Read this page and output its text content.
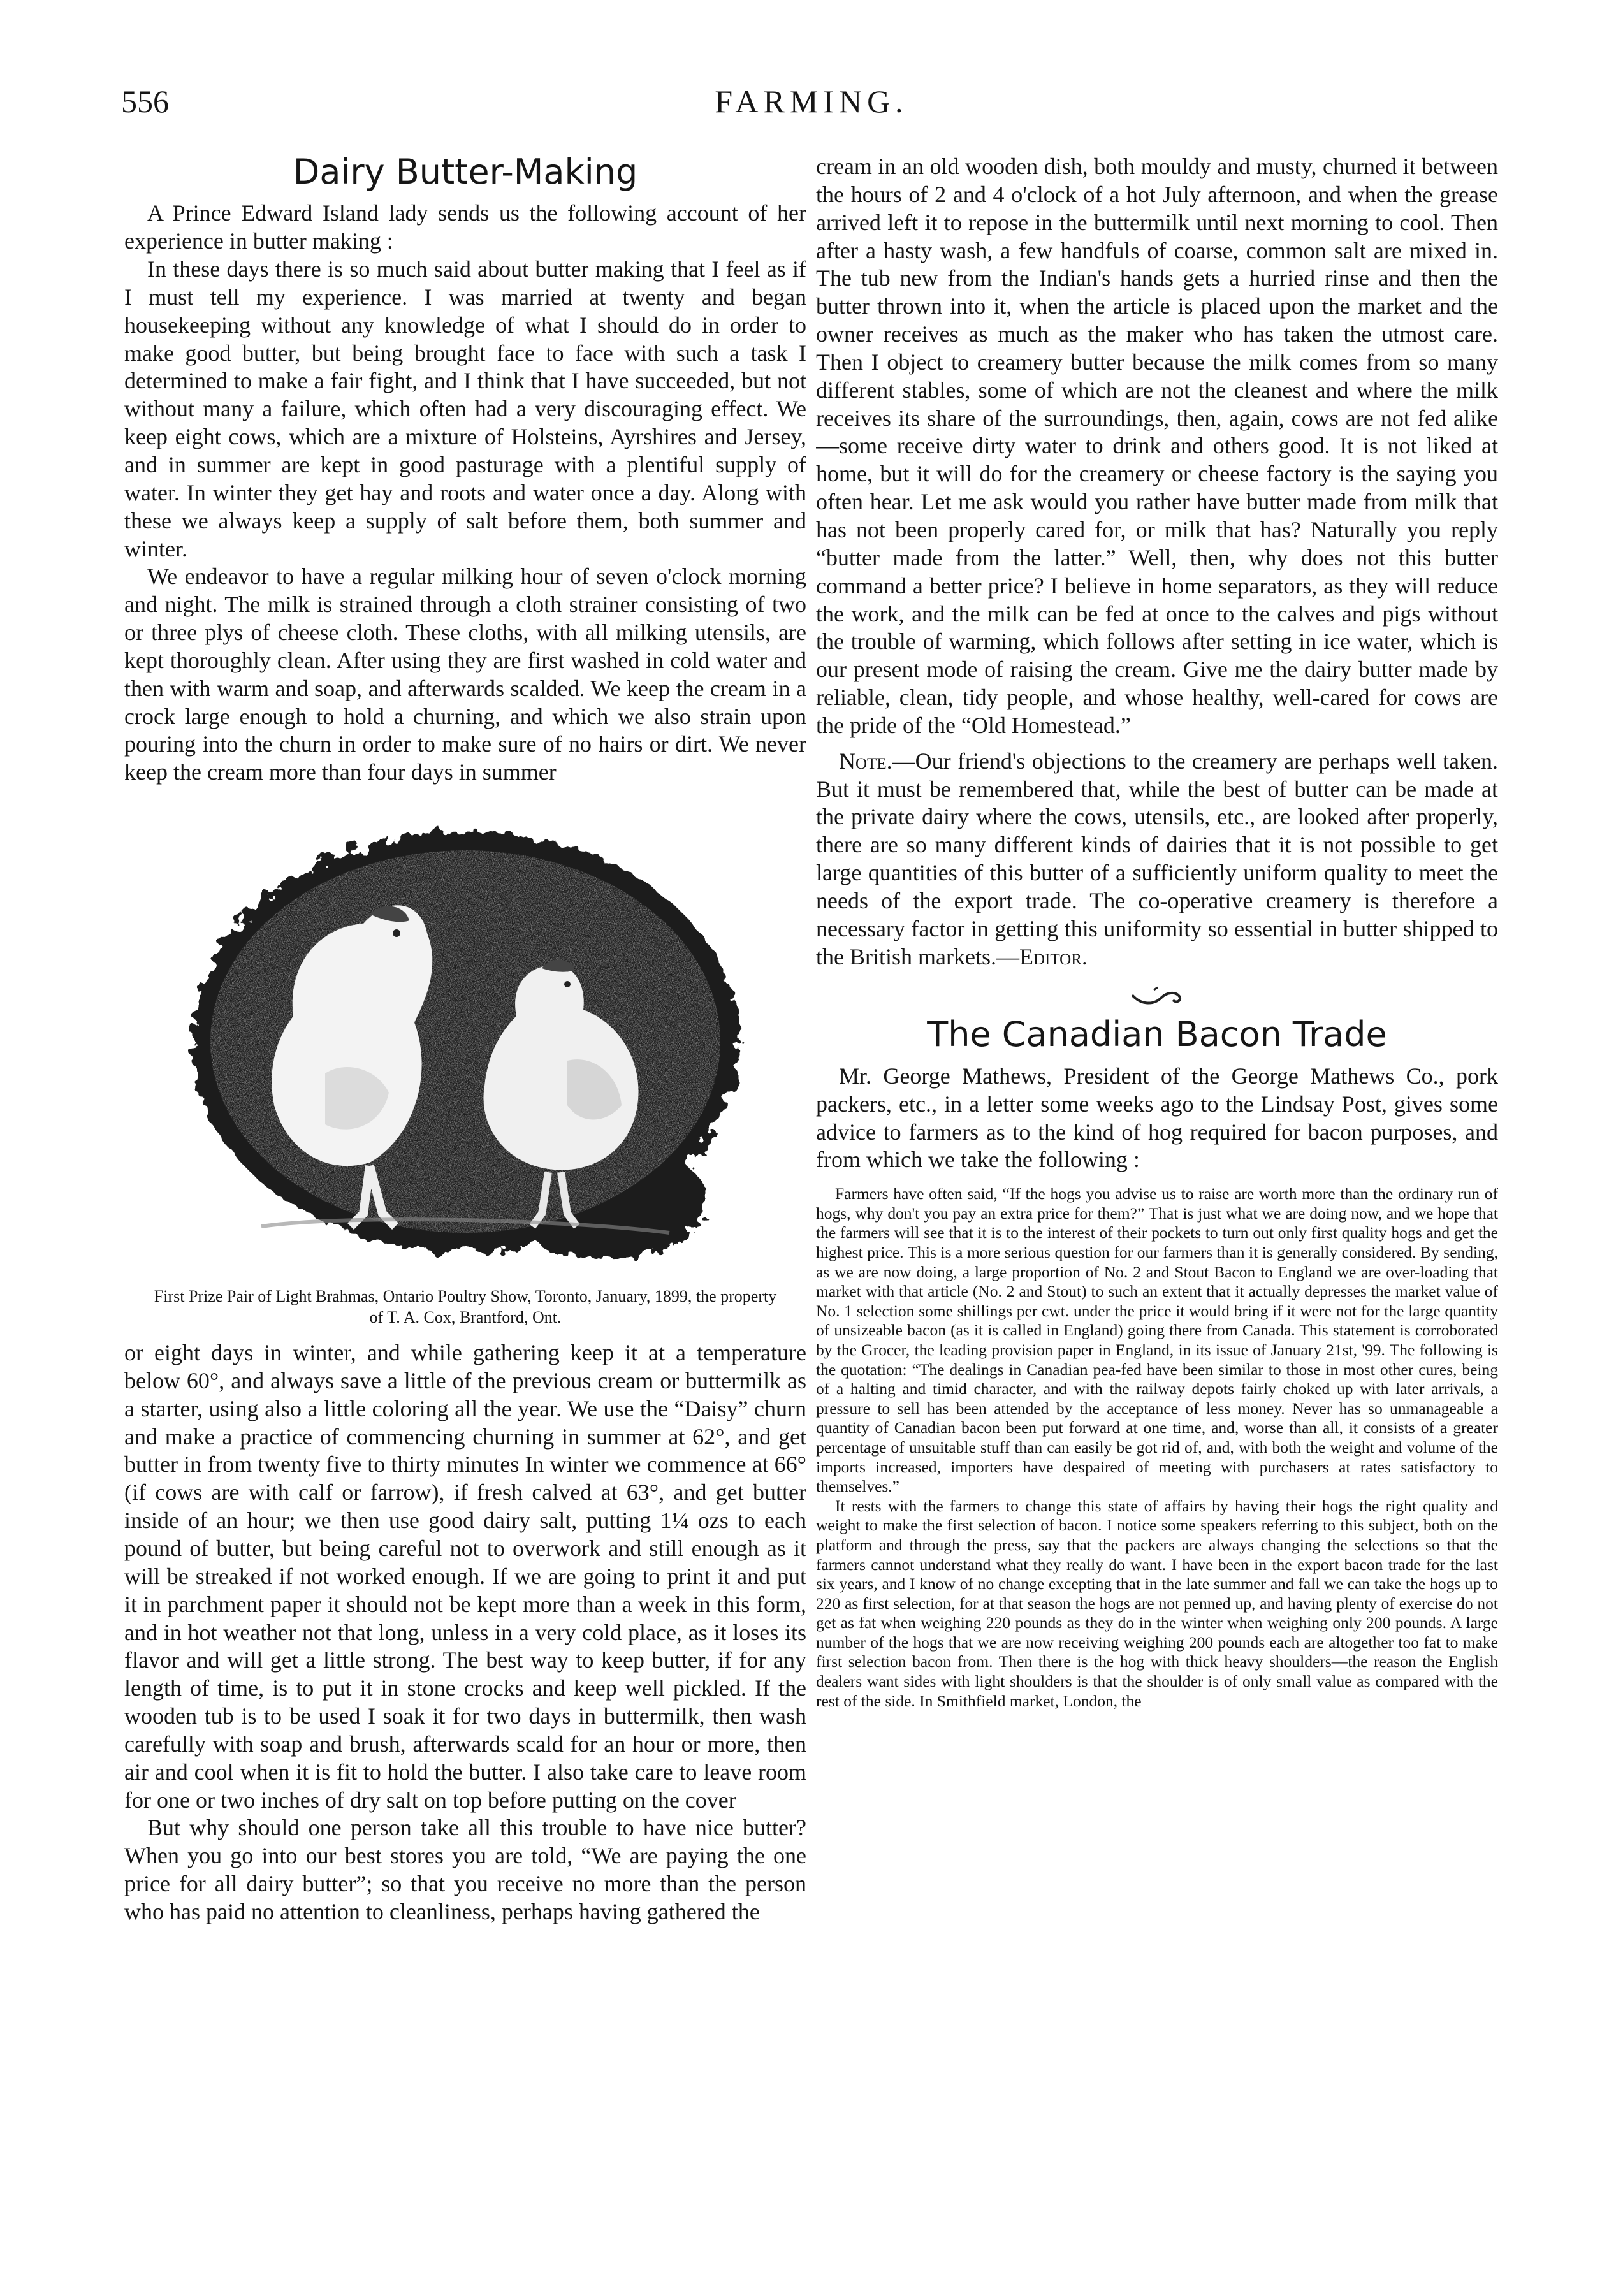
556	FARMING.
Dairy Butter-Making

A Prince Edward Island lady sends us the following account of her experience in butter making :

In these days there is so much said about butter making that I feel as if I must tell my experience. I was married at twenty and began housekeeping without any knowledge of what I should do in order to make good butter, but being brought face to face with such a task I determined to make a fair fight, and I think that I have succeeded, but not without many a failure, which often had a very discouraging effect. We keep eight cows, which are a mixture of Holsteins, Ayrshires and Jersey, and in summer are kept in good pasturage with a plentiful supply of water. In winter they get hay and roots and water once a day. Along with these we always keep a supply of salt before them, both summer and winter.

We endeavor to have a regular milking hour of seven o'clock morning and night. The milk is strained through a cloth strainer consisting of two or three plys of cheese cloth. These cloths, with all milking utensils, are kept thoroughly clean. After using they are first washed in cold water and then with warm and soap, and afterwards scalded. We keep the cream in a crock large enough to hold a churning, and which we also strain upon pouring into the churn in order to make sure of no hairs or dirt. We never keep the cream more than four days in summer

First Prize Pair of Light Brahmas, Ontario Poultry Show, Toronto, January, 1899, the property of T. A. Cox, Brantford, Ont.

or eight days in winter, and while gathering keep it at a temperature below 60°, and always save a little of the previous cream or buttermilk as a starter, using also a little coloring all the year. We use the “Daisy” churn and make a practice of commencing churning in summer at 62°, and get butter in from twenty five to thirty minutes In winter we commence at 66° (if cows are with calf or farrow), if fresh calved at 63°, and get butter inside of an hour; we then use good dairy salt, putting 1¼ ozs to each pound of butter, but being careful not to overwork and still enough as it will be streaked if not worked enough. If we are going to print it and put it in parchment paper it should not be kept more than a week in this form, and in hot weather not that long, unless in a very cold place, as it loses its flavor and will get a little strong. The best way to keep butter, if for any length of time, is to put it in stone crocks and keep well pickled. If the wooden tub is to be used I soak it for two days in buttermilk, then wash carefully with soap and brush, afterwards scald for an hour or more, then air and cool when it is fit to hold the butter. I also take care to leave room for one or two inches of dry salt on top before putting on the cover

But why should one person take all this trouble to have nice butter? When you go into our best stores you are told, “We are paying the one price for all dairy butter”; so that you receive no more than the person who has paid no attention to cleanliness, perhaps having gathered the

cream in an old wooden dish, both mouldy and musty, churned it between the hours of 2 and 4 o'clock of a hot July afternoon, and when the grease arrived left it to repose in the buttermilk until next morning to cool. Then after a hasty wash, a few handfuls of coarse, common salt are mixed in. The tub new from the Indian's hands gets a hurried rinse and then the butter thrown into it, when the article is placed upon the market and the owner receives as much as the maker who has taken the utmost care. Then I object to creamery butter because the milk comes from so many different stables, some of which are not the cleanest and where the milk receives its share of the surroundings, then, again, cows are not fed alike—some receive dirty water to drink and others good. It is not liked at home, but it will do for the creamery or cheese factory is the saying you often hear. Let me ask would you rather have butter made from milk that has not been properly cared for, or milk that has? Naturally you reply “butter made from the latter.” Well, then, why does not this butter command a better price? I believe in home separators, as they will reduce the work, and the milk can be fed at once to the calves and pigs without the trouble of warming, which follows after setting in ice water, which is our present mode of raising the cream. Give me the dairy butter made by reliable, clean, tidy people, and whose healthy, well-cared for cows are the pride of the “Old Homestead.”

Note.—Our friend's objections to the creamery are perhaps well taken. But it must be remembered that, while the best of butter can be made at the private dairy where the cows, utensils, etc., are looked after properly, there are so many different kinds of dairies that it is not possible to get large quantities of this butter of a sufficiently uniform quality to meet the needs of the export trade. The co-operative creamery is therefore a necessary factor in getting this uniformity so essential in butter shipped to the British markets.—Editor.

The Canadian Bacon Trade

Mr. George Mathews, President of the George Mathews Co., pork packers, etc., in a letter some weeks ago to the Lindsay Post, gives some advice to farmers as to the kind of hog required for bacon purposes, and from which we take the following :

Farmers have often said, “If the hogs you advise us to raise are worth more than the ordinary run of hogs, why don't you pay an extra price for them?” That is just what we are doing now, and we hope that the farmers will see that it is to the interest of their pockets to turn out only first quality hogs and get the highest price. This is a more serious question for our farmers than it is generally considered. By sending, as we are now doing, a large proportion of No. 2 and Stout Bacon to England we are over-loading that market with that article (No. 2 and Stout) to such an extent that it actually depresses the market value of No. 1 selection some shillings per cwt. under the price it would bring if it were not for the large quantity of unsizeable bacon (as it is called in England) going there from Canada. This statement is corroborated by the Grocer, the leading provision paper in England, in its issue of January 21st, '99. The following is the quotation: “The dealings in Canadian pea-fed have been similar to those in most other cures, being of a halting and timid character, and with the railway depots fairly choked up with later arrivals, a pressure to sell has been attended by the acceptance of less money. Never has so unmanageable a quantity of Canadian bacon been put forward at one time, and, worse than all, it consists of a greater percentage of unsuitable stuff than can easily be got rid of, and, with both the weight and volume of the imports increased, importers have despaired of meeting with purchasers at rates satisfactory to themselves.”

It rests with the farmers to change this state of affairs by having their hogs the right quality and weight to make the first selection of bacon. I notice some speakers referring to this subject, both on the platform and through the press, say that the packers are always changing the selections so that the farmers cannot understand what they really do want. I have been in the export bacon trade for the last six years, and I know of no change excepting that in the late summer and fall we can take the hogs up to 220 as first selection, for at that season the hogs are not penned up, and having plenty of exercise do not get as fat when weighing 220 pounds as they do in the winter when weighing only 200 pounds. A large number of the hogs that we are now receiving weighing 200 pounds each are altogether too fat to make first selection bacon from. Then there is the hog with thick heavy shoulders—the reason the English dealers want sides with light shoulders is that the shoulder is of only small value as compared with the rest of the side. In Smithfield market, London, the
